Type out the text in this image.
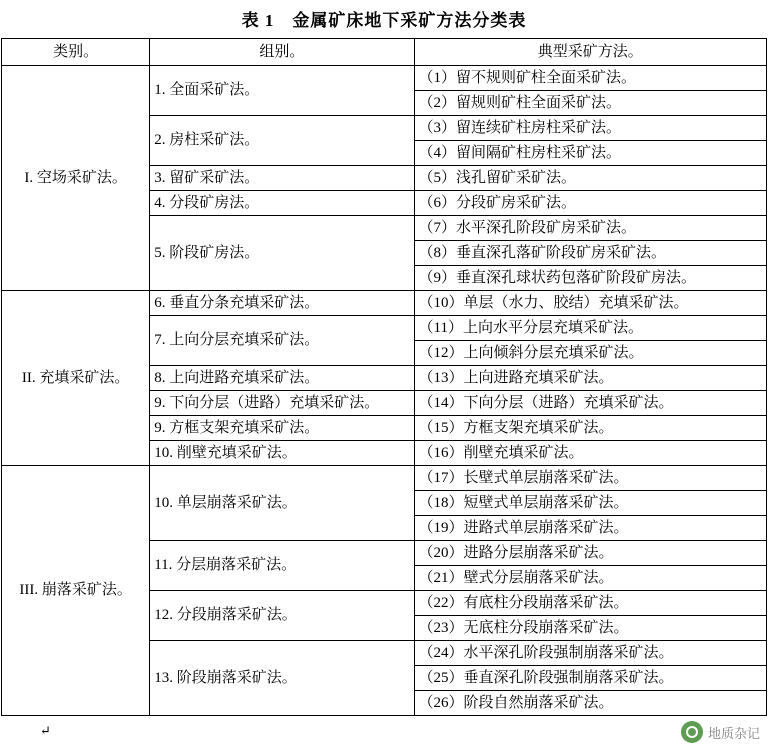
表 1　金属矿床地下采矿方法分类表
类别。	组别。	典型采矿方法。
I. 空场采矿法。	1. 全面采矿法。	（1）留不规则矿柱全面采矿法。
		（2）留规则矿柱全面采矿法。
	2. 房柱采矿法。	（3）留连续矿柱房柱采矿法。
		（4）留间隔矿柱房柱采矿法。
	3. 留矿采矿法。	（5）浅孔留矿采矿法。
	4. 分段矿房法。	（6）分段矿房采矿法。
	5. 阶段矿房法。	（7）水平深孔阶段矿房采矿法。
		（8）垂直深孔落矿阶段矿房采矿法。
		（9）垂直深孔球状药包落矿阶段矿房法。
II. 充填采矿法。	6. 垂直分条充填采矿法。	（10）单层（水力、胶结）充填采矿法。
	7. 上向分层充填采矿法。	（11）上向水平分层充填采矿法。
		（12）上向倾斜分层充填采矿法。
	8. 上向进路充填采矿法。	（13）上向进路充填采矿法。
	9. 下向分层（进路）充填采矿法。	（14）下向分层（进路）充填采矿法。
	9. 方框支架充填采矿法。	（15）方框支架充填采矿法。
	10. 削壁充填采矿法。	（16）削壁充填采矿法。
III. 崩落采矿法。	10. 单层崩落采矿法。	（17）长壁式单层崩落采矿法。
		（18）短壁式单层崩落采矿法。
		（19）进路式单层崩落采矿法。
	11. 分层崩落采矿法。	（20）进路分层崩落采矿法。
		（21）壁式分层崩落采矿法。
	12. 分段崩落采矿法。	（22）有底柱分段崩落采矿法。
		（23）无底柱分段崩落采矿法。
	13. 阶段崩落采矿法。	（24）水平深孔阶段强制崩落采矿法。
		（25）垂直深孔阶段强制崩落采矿法。
		（26）阶段自然崩落采矿法。
↵	地质杂记
